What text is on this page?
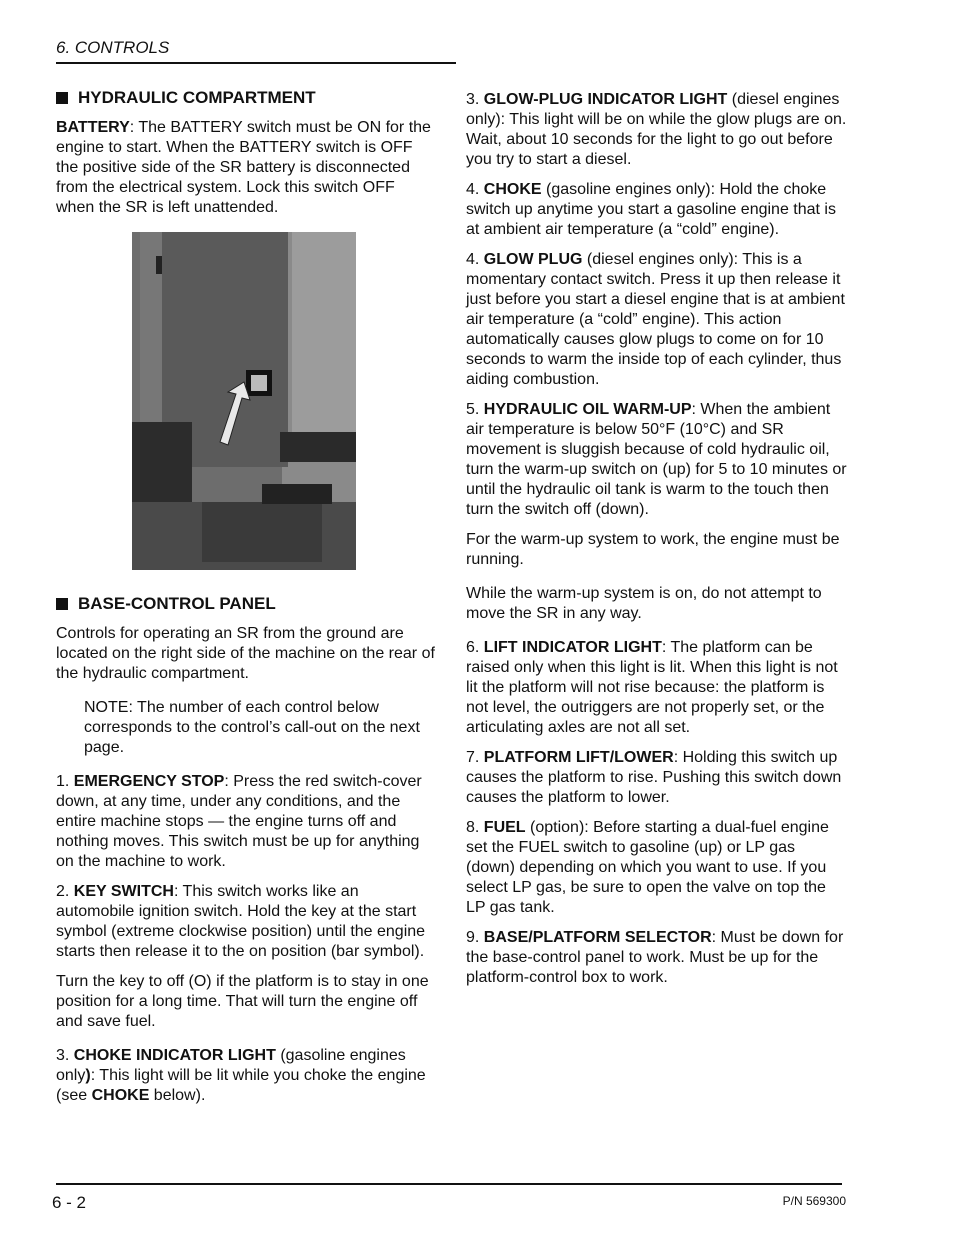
6. CONTROLS
HYDRAULIC COMPARTMENT

BATTERY: The BATTERY switch must be ON for the engine to start. When the BATTERY switch is OFF the positive side of the SR battery is disconnected from the electrical system. Lock this switch OFF when the SR is left unattended.

BASE-CONTROL PANEL

Controls for operating an SR from the ground are located on the right side of the machine on the rear of the hydraulic compartment.

NOTE: The number of each control below corresponds to the control’s call-out on the next page.

1. EMERGENCY STOP: Press the red switch-cover down, at any time, under any conditions, and the entire machine stops — the engine turns off and nothing moves. This switch must be up for anything on the machine to work.

2. KEY SWITCH: This switch works like an automobile ignition switch. Hold the key at the start symbol (extreme clockwise position) until the engine starts then release it to the on position (bar symbol).

Turn the key to off (O) if the platform is to stay in one position for a long time. That will turn the engine off and save fuel.

3. CHOKE INDICATOR LIGHT (gasoline engines only): This light will be lit while you choke the engine (see CHOKE below).

3. GLOW-PLUG INDICATOR LIGHT (diesel engines only): This light will be on while the glow plugs are on. Wait, about 10 seconds for the light to go out before you try to start a diesel.

4. CHOKE (gasoline engines only): Hold the choke switch up anytime you start a gasoline engine that is at ambient air temperature (a “cold” engine).

4. GLOW PLUG (diesel engines only): This is a momentary contact switch. Press it up then release it just before you start a diesel engine that is at ambient air temperature (a “cold” engine). This action automatically causes glow plugs to come on for 10 seconds to warm the inside top of each cylinder, thus aiding combustion.

5. HYDRAULIC OIL WARM-UP: When the ambient air temperature is below 50°F (10°C) and SR movement is sluggish because of cold hydraulic oil, turn the warm-up switch on (up) for 5 to 10 minutes or until the hydraulic oil tank is warm to the touch then turn the switch off (down).

For the warm-up system to work, the engine must be running.

While the warm-up system is on, do not attempt to move the SR in any way.

6. LIFT INDICATOR LIGHT: The platform can be raised only when this light is lit. When this light is not lit the platform will not rise because: the platform is not level, the outriggers are not properly set, or the articulating axles are not all set.

7. PLATFORM LIFT/LOWER: Holding this switch up causes the platform to rise. Pushing this switch down causes the platform to lower.

8. FUEL (option): Before starting a dual-fuel engine set the FUEL switch to gasoline (up) or LP gas (down) depending on which you want to use. If you select LP gas, be sure to open the valve on top the LP gas tank.

9. BASE/PLATFORM SELECTOR: Must be down for the base-control panel to work. Must be up for the platform-control box to work.

6 - 2	P/N 569300
